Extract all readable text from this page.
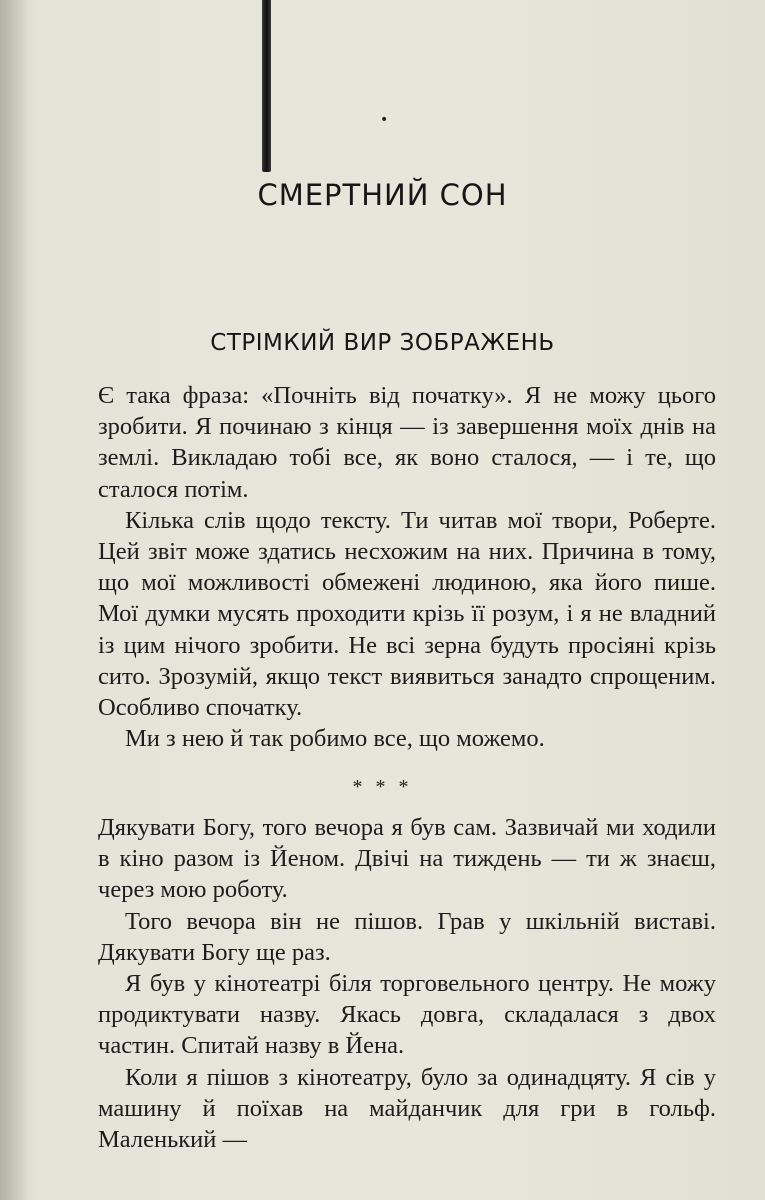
•
СМЕРТНИЙ СОН
СТРІМКИЙ ВИР ЗОБРАЖЕНЬ

Є така фраза: «Почніть від початку». Я не можу цього зробити. Я починаю з кінця — із завершення моїх днів на землі. Викладаю тобі все, як воно сталося, — і те, що сталося потім.

Кілька слів щодо тексту. Ти читав мої твори, Роберте. Цей звіт може здатись несхожим на них. Причина в тому, що мої можливості обмежені людиною, яка його пише. Мої думки мусять проходити крізь її розум, і я не владний із цим нічого зробити. Не всі зерна будуть просіяні крізь сито. Зрозумій, якщо текст виявиться занадто спрощеним. Особливо спочатку.

Ми з нею й так робимо все, що можемо.

* * *

Дякувати Богу, того вечора я був сам. Зазвичай ми ходили в кіно разом із Йеном. Двічі на тиждень — ти ж знаєш, через мою роботу.

Того вечора він не пішов. Грав у шкільній виставі. Дякувати Богу ще раз.

Я був у кінотеатрі біля торговельного центру. Не можу продиктувати назву. Якась довга, складалася з двох частин. Спитай назву в Йена.

Коли я пішов з кінотеатру, було за одинадцяту. Я сів у машину й поїхав на майданчик для гри в гольф. Маленький —
